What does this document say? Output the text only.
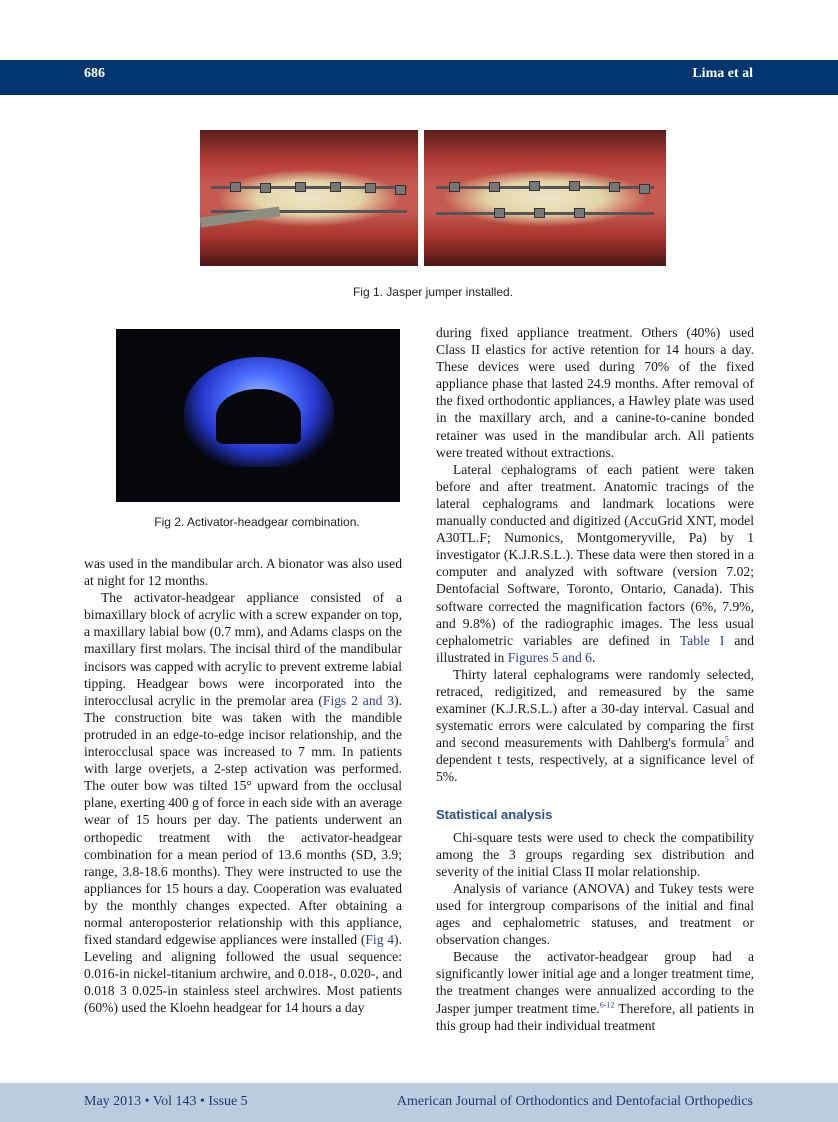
686	Lima et al
Fig 1. Jasper jumper installed.
Fig 2. Activator-headgear combination.

was used in the mandibular arch. A bionator was also used at night for 12 months.

The activator-headgear appliance consisted of a bimaxillary block of acrylic with a screw expander on top, a maxillary labial bow (0.7 mm), and Adams clasps on the maxillary first molars. The incisal third of the mandibular incisors was capped with acrylic to prevent extreme labial tipping. Headgear bows were incorporated into the interocclusal acrylic in the premolar area (Figs 2 and 3). The construction bite was taken with the mandible protruded in an edge-to-edge incisor relationship, and the interocclusal space was increased to 7 mm. In patients with large overjets, a 2-step activation was performed. The outer bow was tilted 15° upward from the occlusal plane, exerting 400 g of force in each side with an average wear of 15 hours per day. The patients underwent an orthopedic treatment with the activator-headgear combination for a mean period of 13.6 months (SD, 3.9; range, 3.8-18.6 months). They were instructed to use the appliances for 15 hours a day. Cooperation was evaluated by the monthly changes expected. After obtaining a normal anteroposterior relationship with this appliance, fixed standard edgewise appliances were installed (Fig 4). Leveling and aligning followed the usual sequence: 0.016-in nickel-titanium archwire, and 0.018-, 0.020-, and 0.018 3 0.025-in stainless steel archwires. Most patients (60%) used the Kloehn headgear for 14 hours a day

during fixed appliance treatment. Others (40%) used Class II elastics for active retention for 14 hours a day. These devices were used during 70% of the fixed appliance phase that lasted 24.9 months. After removal of the fixed orthodontic appliances, a Hawley plate was used in the maxillary arch, and a canine-to-canine bonded retainer was used in the mandibular arch. All patients were treated without extractions.

Lateral cephalograms of each patient were taken before and after treatment. Anatomic tracings of the lateral cephalograms and landmark locations were manually conducted and digitized (AccuGrid XNT, model A30TL.F; Numonics, Montgomeryville, Pa) by 1 investigator (K.J.R.S.L.). These data were then stored in a computer and analyzed with software (version 7.02; Dentofacial Software, Toronto, Ontario, Canada). This software corrected the magnification factors (6%, 7.9%, and 9.8%) of the radiographic images. The less usual cephalometric variables are defined in Table I and illustrated in Figures 5 and 6.

Thirty lateral cephalograms were randomly selected, retraced, redigitized, and remeasured by the same examiner (K.J.R.S.L.) after a 30-day interval. Casual and systematic errors were calculated by comparing the first and second measurements with Dahlberg's formula$^5$ and dependent t tests, respectively, at a significance level of 5%.

Statistical analysis

Chi-square tests were used to check the compatibility among the 3 groups regarding sex distribution and severity of the initial Class II molar relationship.

Analysis of variance (ANOVA) and Tukey tests were used for intergroup comparisons of the initial and final ages and cephalometric statuses, and treatment or observation changes.

Because the activator-headgear group had a significantly lower initial age and a longer treatment time, the treatment changes were annualized according to the Jasper jumper treatment time.$^{6-12}$ Therefore, all patients in this group had their individual treatment

May 2013 • Vol 143 • Issue 5	American Journal of Orthodontics and Dentofacial Orthopedics
